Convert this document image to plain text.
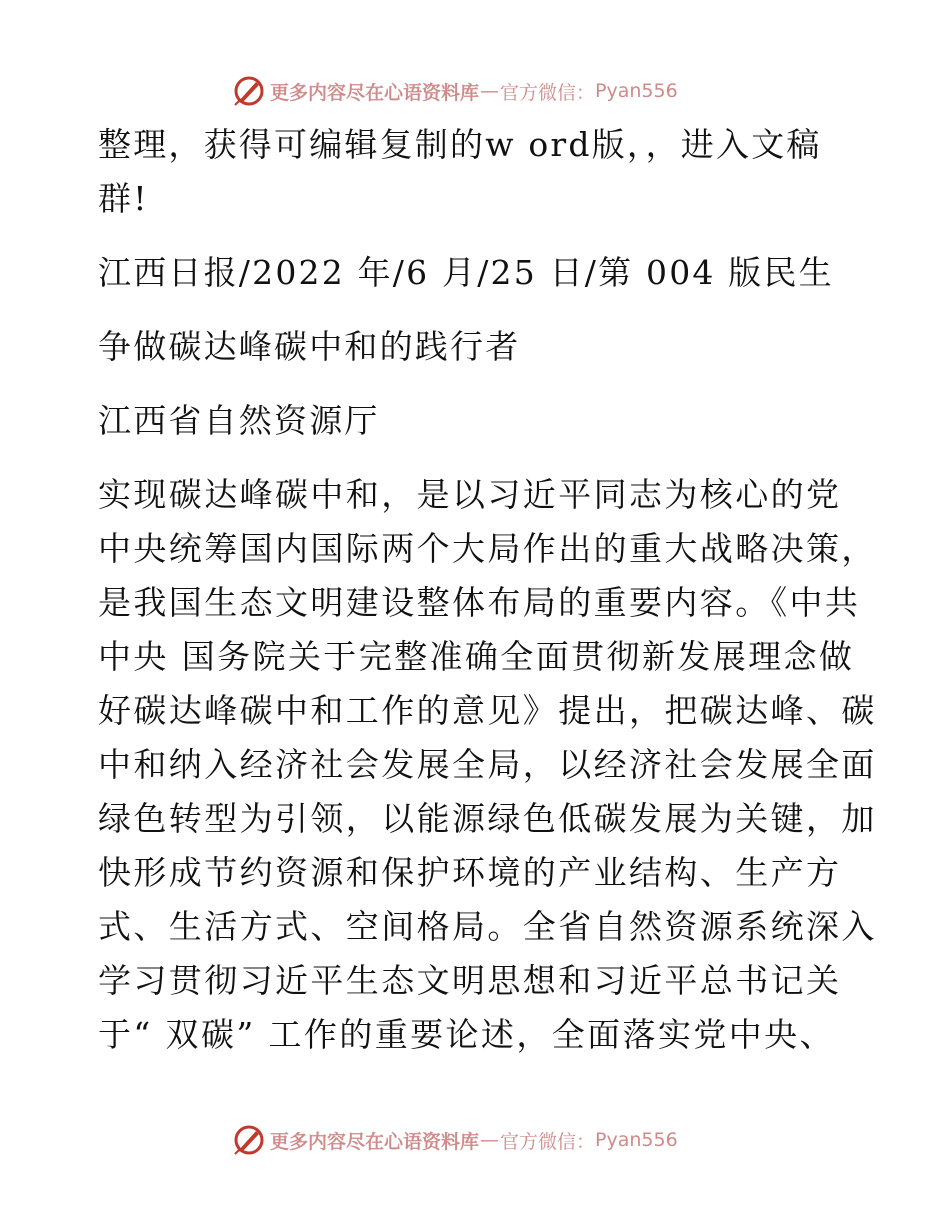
更多内容尽在心语资料库 — 官方微信： Pyan556
整理，获得可编辑复制的w ord版，，进入文稿
群!
江西日报/2022 年/6 月/25 日/第 004 版民生
争做碳达峰碳中和的践行者
江西省自然资源厅
实现碳达峰碳中和，是以习近平同志为核心的党
中央统筹国内国际两个大局作出的重大战略决策，
是我国生态文明建设整体布局的重要内容。《中共
中央 国务院关于完整准确全面贯彻新发展理念做
好碳达峰碳中和工作的意见》提出，把碳达峰、碳
中和纳入经济社会发展全局，以经济社会发展全面
绿色转型为引领，以能源绿色低碳发展为关键，加
快形成节约资源和保护环境的产业结构、生产方
式、生活方式、空间格局。全省自然资源系统深入
学习贯彻习近平生态文明思想和习近平总书记关
于“ 双碳” 工作的重要论述，全面落实党中央、
更多内容尽在心语资料库 — 官方微信： Pyan556
